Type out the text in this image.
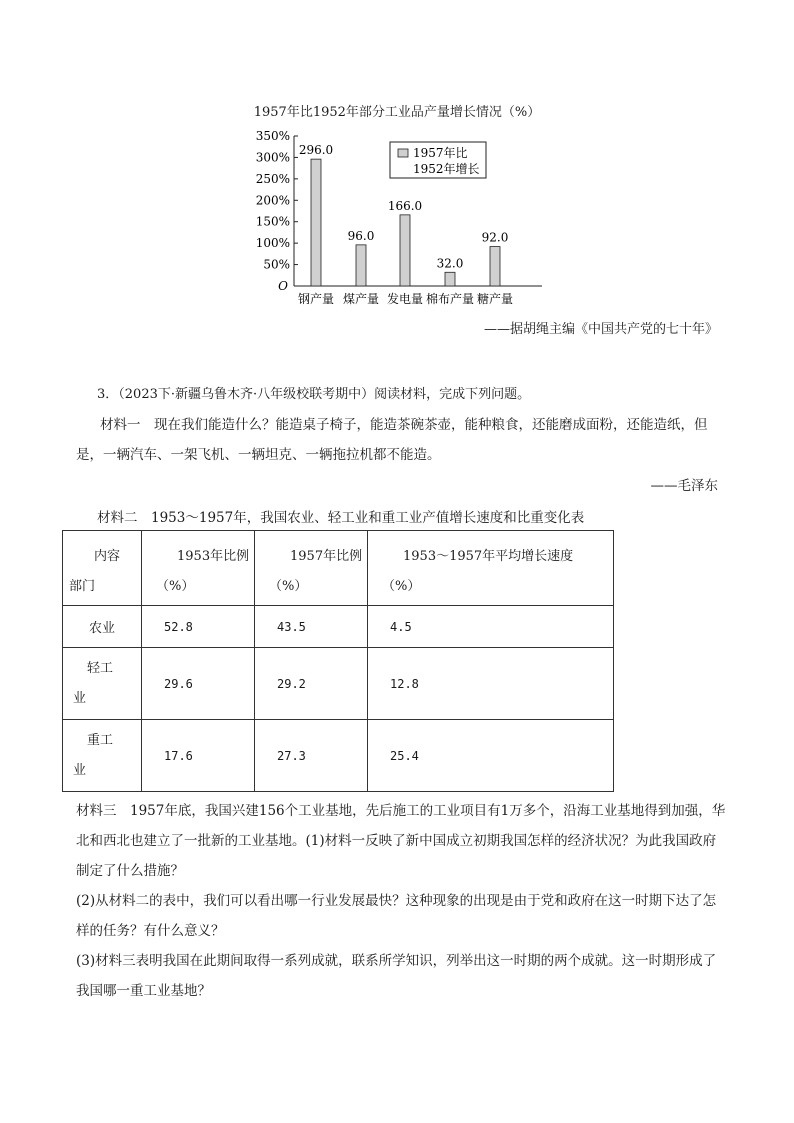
1957年比1952年部分工业品产量增长情况（%）
O
50%
100%
150%
200%
250%
300%
350%
296.0
96.0
166.0
32.0
92.0
钢产量 煤产量 发电量 棉布产量 糖产量
1957年比
1952年增长
——据胡绳主编《中国共产党的七十年》
3．（2023下·新疆乌鲁木齐·八年级校联考期中）阅读材料，完成下列问题。
材料一　现在我们能造什么？能造桌子椅子，能造茶碗茶壶，能种粮食，还能磨成面粉，还能造纸，但是，一辆汽车、一架飞机、一辆坦克、一辆拖拉机都不能造。
——毛泽东
材料二　1953～1957年，我国农业、轻工业和重工业产值增长速度和比重变化表
内容
部门	1953年比例
（%）	1957年比例
（%）	1953～1957年平均增长速度
（%）

农业	52.8	43.5	4.5
轻工
业	29.6	29.2	12.8
重工
业	17.6	27.3	25.4
材料三　1957年底，我国兴建156个工业基地，先后施工的工业项目有1万多个，沿海工业基地得到加强，华北和西北也建立了一批新的工业基地。(1)材料一反映了新中国成立初期我国怎样的经济状况？为此我国政府制定了什么措施？
(2)从材料二的表中，我们可以看出哪一行业发展最快？这种现象的出现是由于党和政府在这一时期下达了怎样的任务？有什么意义？
(3)材料三表明我国在此期间取得一系列成就，联系所学知识，列举出这一时期的两个成就。这一时期形成了我国哪一重工业基地？
